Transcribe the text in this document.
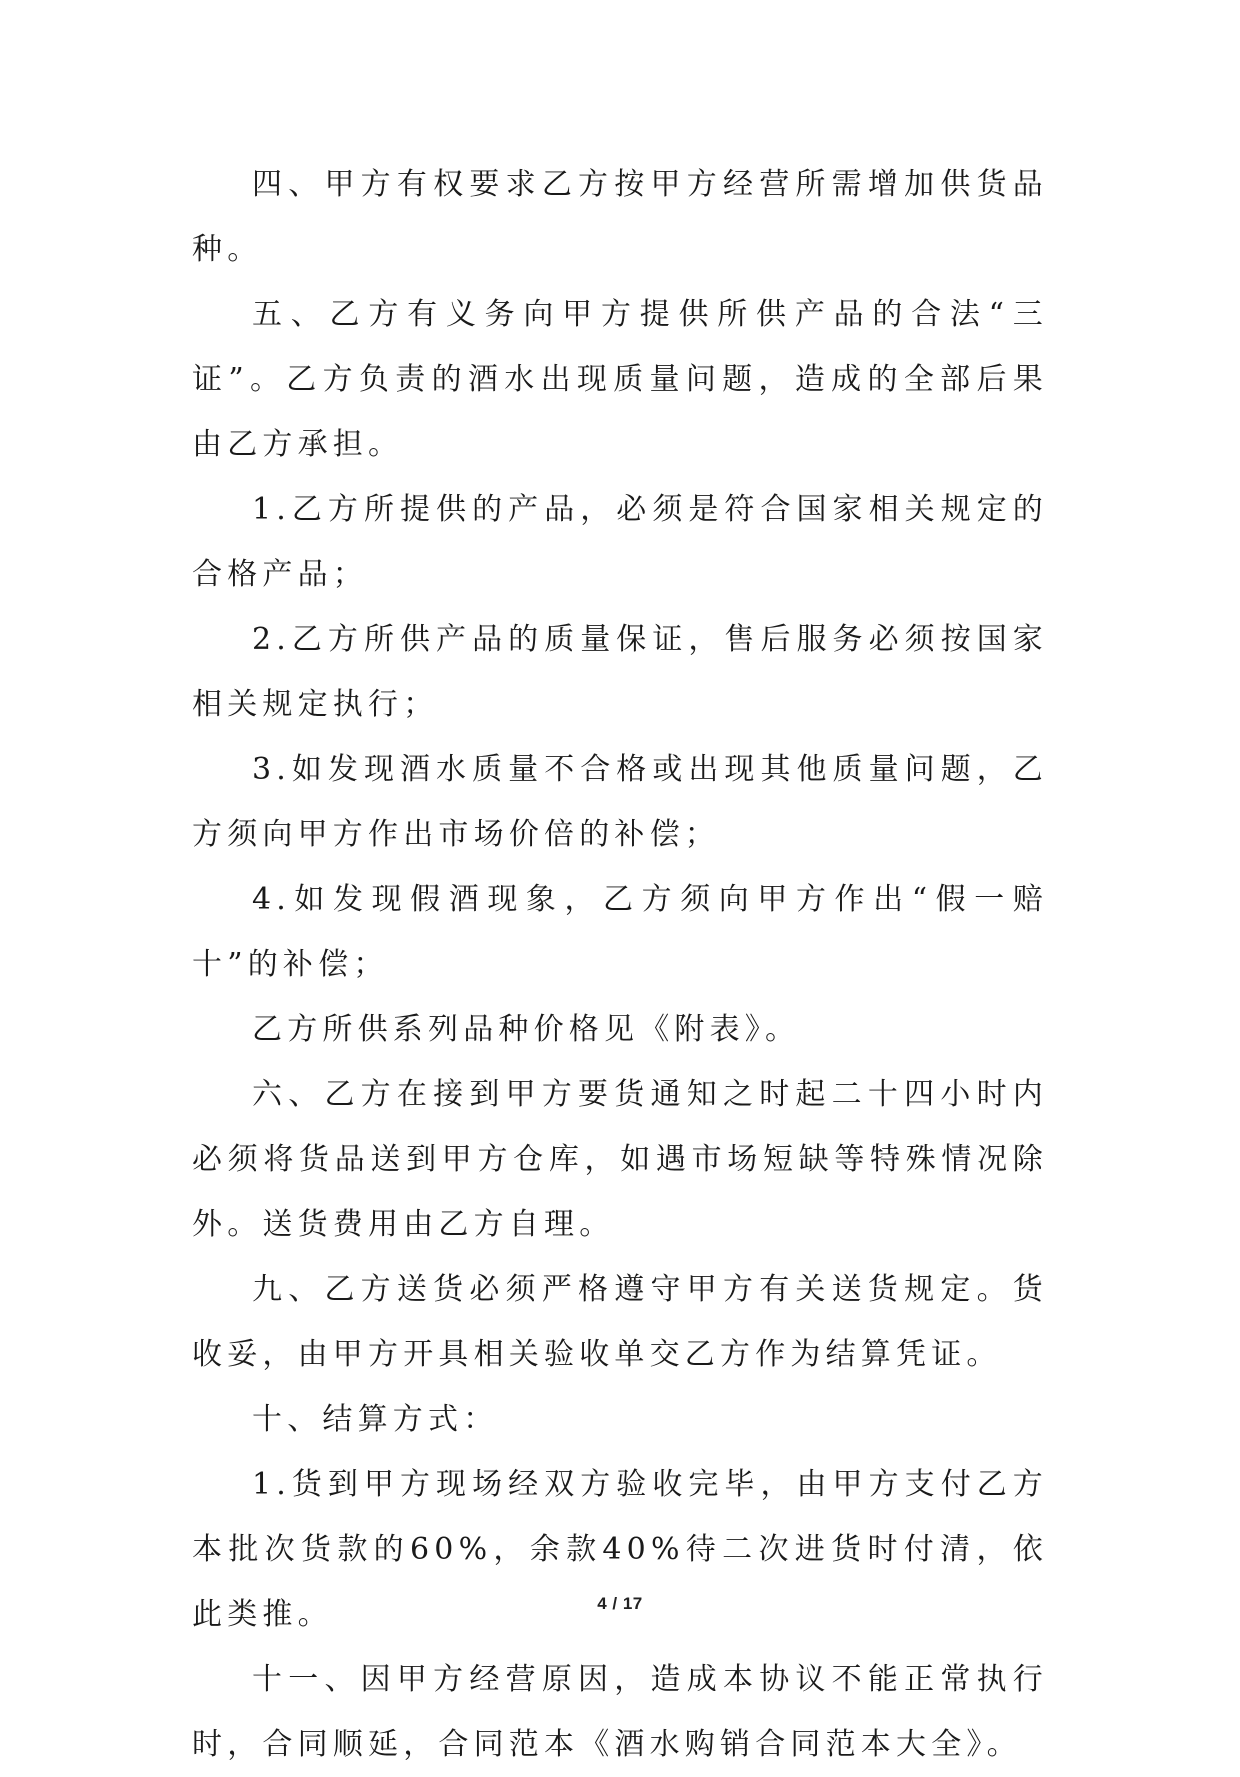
四、甲方有权要求乙方按甲方经营所需增加供货品种。

五、乙方有义务向甲方提供所供产品的合法“三证”。乙方负责的酒水出现质量问题，造成的全部后果由乙方承担。

1.乙方所提供的产品，必须是符合国家相关规定的合格产品；

2.乙方所供产品的质量保证，售后服务必须按国家相关规定执行；

3.如发现酒水质量不合格或出现其他质量问题，乙方须向甲方作出市场价倍的补偿；

4.如发现假酒现象，乙方须向甲方作出“假一赔十”的补偿；

乙方所供系列品种价格见《附表》。

六、乙方在接到甲方要货通知之时起二十四小时内必须将货品送到甲方仓库，如遇市场短缺等特殊情况除外。送货费用由乙方自理。

九、乙方送货必须严格遵守甲方有关送货规定。货收妥，由甲方开具相关验收单交乙方作为结算凭证。

十、结算方式：

1.货到甲方现场经双方验收完毕，由甲方支付乙方本批次货款的60%，余款40%待二次进货时付清，依此类推。

十一、因甲方经营原因，造成本协议不能正常执行时，合同顺延，合同范本《酒水购销合同范本大全》。

4 / 17
